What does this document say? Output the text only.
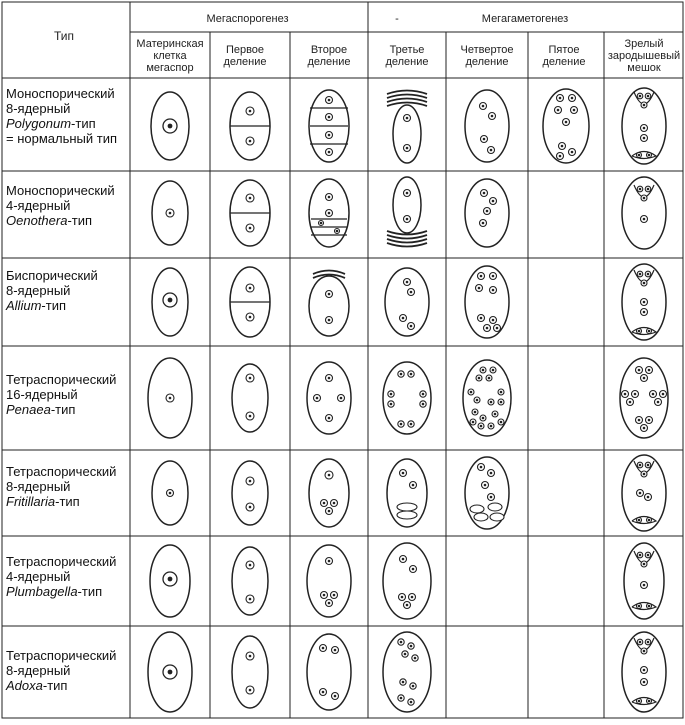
Тип
Мегаспорогенез	-	Мегагаметогенез
Материнская клетка мегаспор
Первое деление
Второе деление
Третье деление
Четвертое деление
Пятое деление
Зрелый зародышевый мешок
Моноспорический
8-ядерный
Polygonum-тип
= нормальный тип
Моноспорический
4-ядерный
Oenothera-тип
Биспорический
8-ядерный
Allium-тип
Тетраспорический
16-ядерный
Penaea-тип
Тетраспорический
8-ядерный
Fritillaria-тип
Тетраспорический
4-ядерный
Plumbagella-тип
Тетраспорический
8-ядерный
Adoxa-тип
